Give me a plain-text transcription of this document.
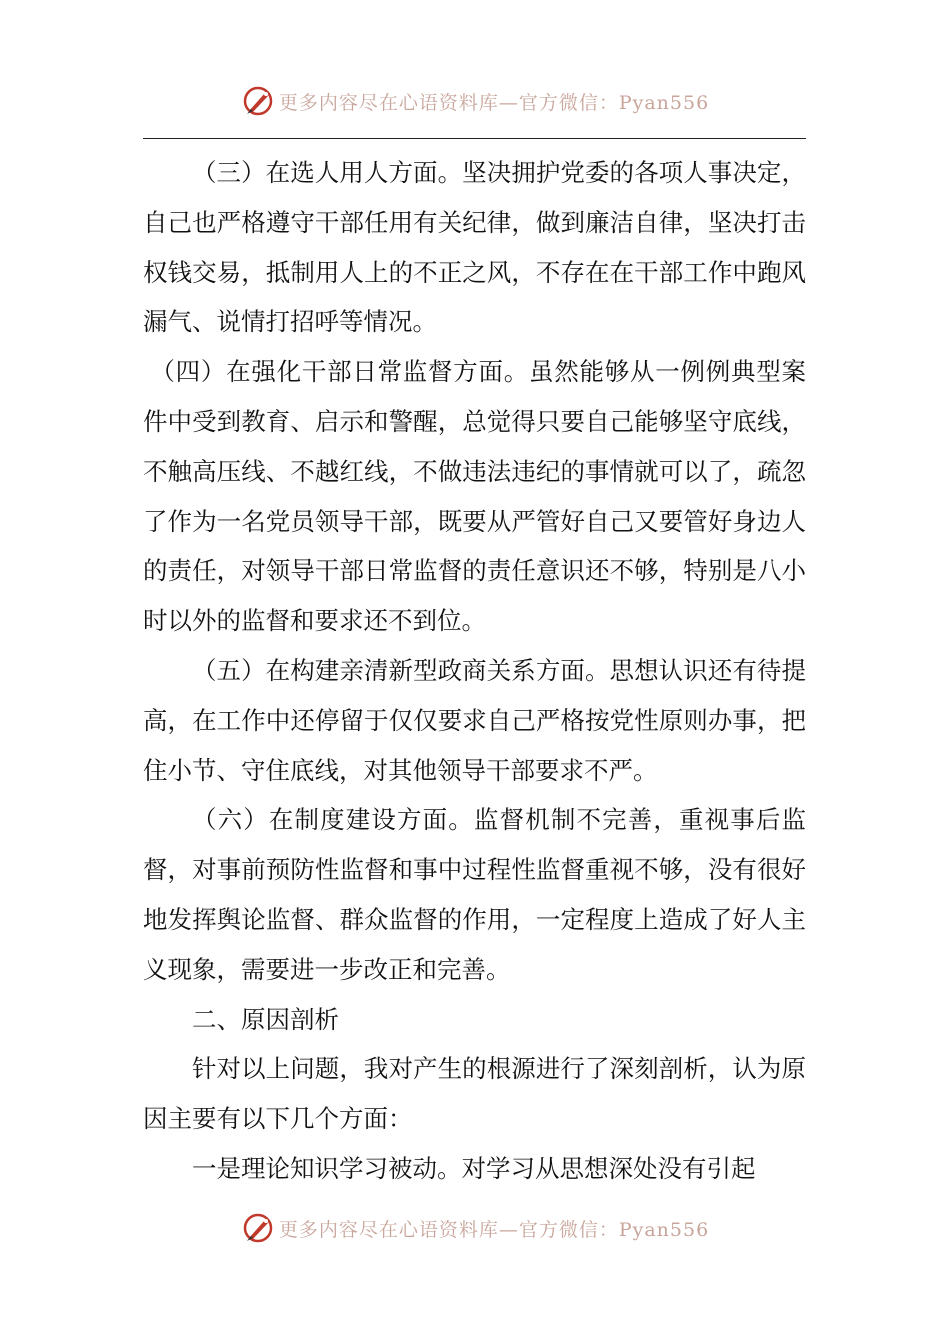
更多内容尽在心语资料库—官方微信：Pyan556

（三）在选人用人方面。坚决拥护党委的各项人事决定，自己也严格遵守干部任用有关纪律，做到廉洁自律，坚决打击权钱交易，抵制用人上的不正之风，不存在在干部工作中跑风漏气、说情打招呼等情况。

（四）在强化干部日常监督方面。虽然能够从一例例典型案件中受到教育、启示和警醒，总觉得只要自己能够坚守底线，不触高压线、不越红线，不做违法违纪的事情就可以了，疏忽了作为一名党员领导干部，既要从严管好自己又要管好身边人的责任，对领导干部日常监督的责任意识还不够，特别是八小时以外的监督和要求还不到位。

（五）在构建亲清新型政商关系方面。思想认识还有待提高，在工作中还停留于仅仅要求自己严格按党性原则办事，把住小节、守住底线，对其他领导干部要求不严。

（六）在制度建设方面。监督机制不完善，重视事后监督，对事前预防性监督和事中过程性监督重视不够，没有很好地发挥舆论监督、群众监督的作用，一定程度上造成了好人主义现象，需要进一步改正和完善。

二、原因剖析

针对以上问题，我对产生的根源进行了深刻剖析，认为原因主要有以下几个方面：

一是理论知识学习被动。对学习从思想深处没有引起

更多内容尽在心语资料库—官方微信：Pyan556
